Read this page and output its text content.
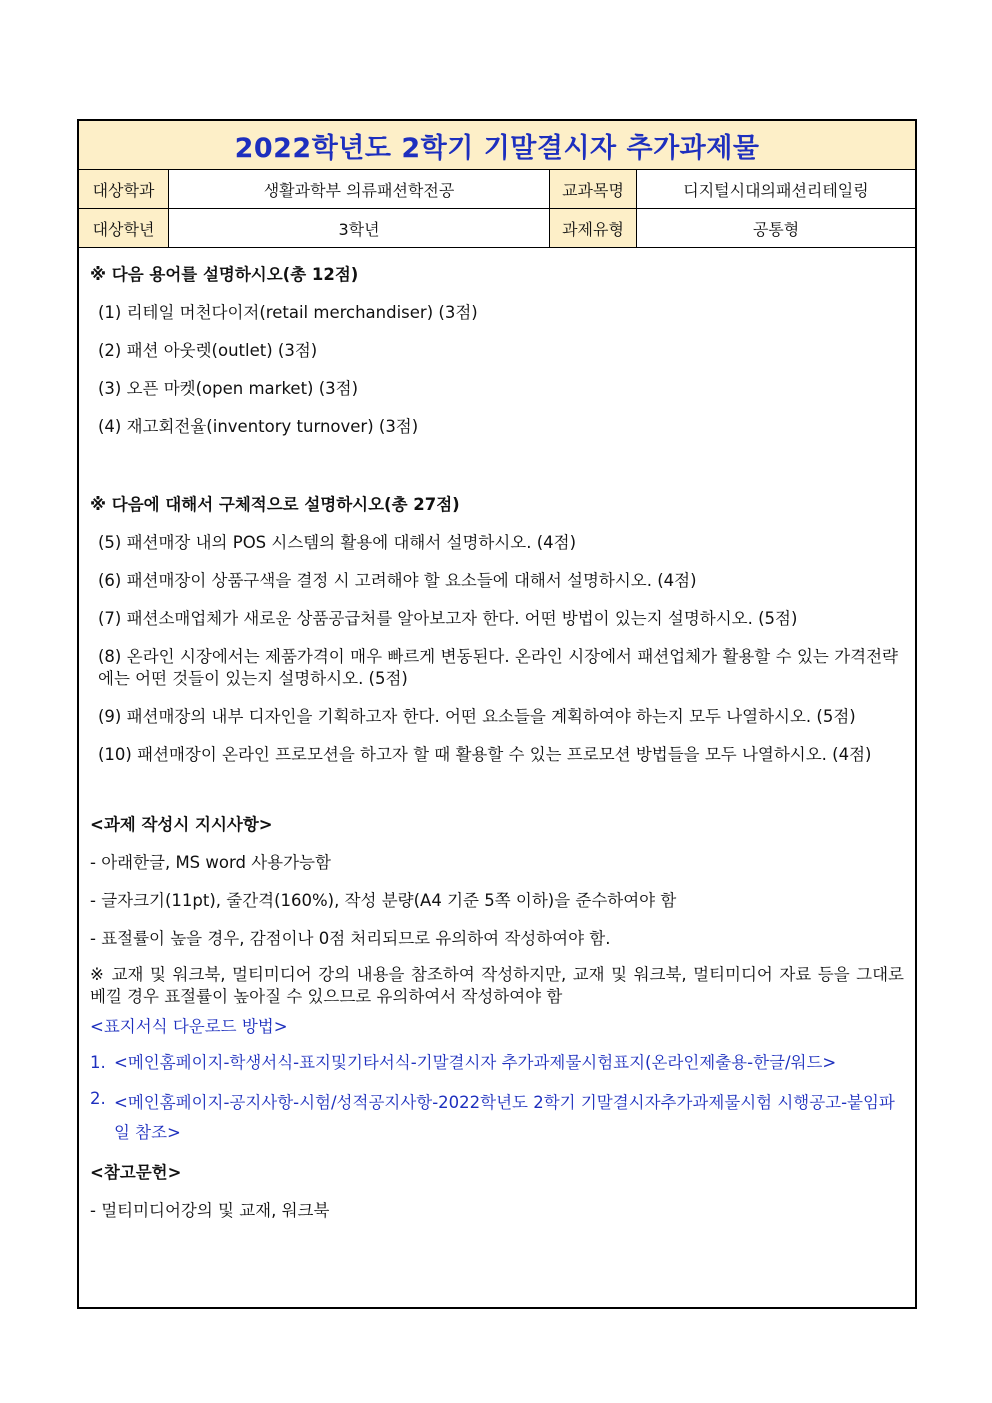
2022학년도 2학기 기말결시자 추가과제물
대상학과	생활과학부 의류패션학전공	교과목명	디지털시대의패션리테일링
대상학년	3학년	과제유형	공통형
※ 다음 용어를 설명하시오(총 12점)
(1) 리테일 머천다이저(retail merchandiser) (3점)
(2) 패션 아웃렛(outlet) (3점)
(3) 오픈 마켓(open market) (3점)
(4) 재고회전율(inventory turnover) (3점)
※ 다음에 대해서 구체적으로 설명하시오(총 27점)
(5) 패션매장 내의 POS 시스템의 활용에 대해서 설명하시오. (4점)
(6) 패션매장이 상품구색을 결정 시 고려해야 할 요소들에 대해서 설명하시오. (4점)
(7) 패션소매업체가 새로운 상품공급처를 알아보고자 한다. 어떤 방법이 있는지 설명하시오. (5점)
(8) 온라인 시장에서는 제품가격이 매우 빠르게 변동된다. 온라인 시장에서 패션업체가 활용할 수 있는 가격전략에는 어떤 것들이 있는지 설명하시오. (5점)
(9) 패션매장의 내부 디자인을 기획하고자 한다. 어떤 요소들을 계획하여야 하는지 모두 나열하시오. (5점)
(10) 패션매장이 온라인 프로모션을 하고자 할 때 활용할 수 있는 프로모션 방법들을 모두 나열하시오. (4점)
<과제 작성시 지시사항>
- 아래한글, MS word 사용가능함
- 글자크기(11pt), 줄간격(160%), 작성 분량(A4 기준 5쪽 이하)을 준수하여야 함
- 표절률이 높을 경우, 감점이나 0점 처리되므로 유의하여 작성하여야 함.
※ 교재 및 워크북, 멀티미디어 강의 내용을 참조하여 작성하지만, 교재 및 워크북, 멀티미디어 자료 등을 그대로 베낄 경우 표절률이 높아질 수 있으므로 유의하여서 작성하여야 함
<표지서식 다운로드 방법>
1. <메인홈페이지-학생서식-표지및기타서식-기말결시자 추가과제물시험표지(온라인제출용-한글/워드>
2. <메인홈페이지-공지사항-시험/성적공지사항-2022학년도 2학기 기말결시자추가과제물시험 시행공고-붙임파일 참조>
<참고문헌>
- 멀티미디어강의 및 교재, 워크북
